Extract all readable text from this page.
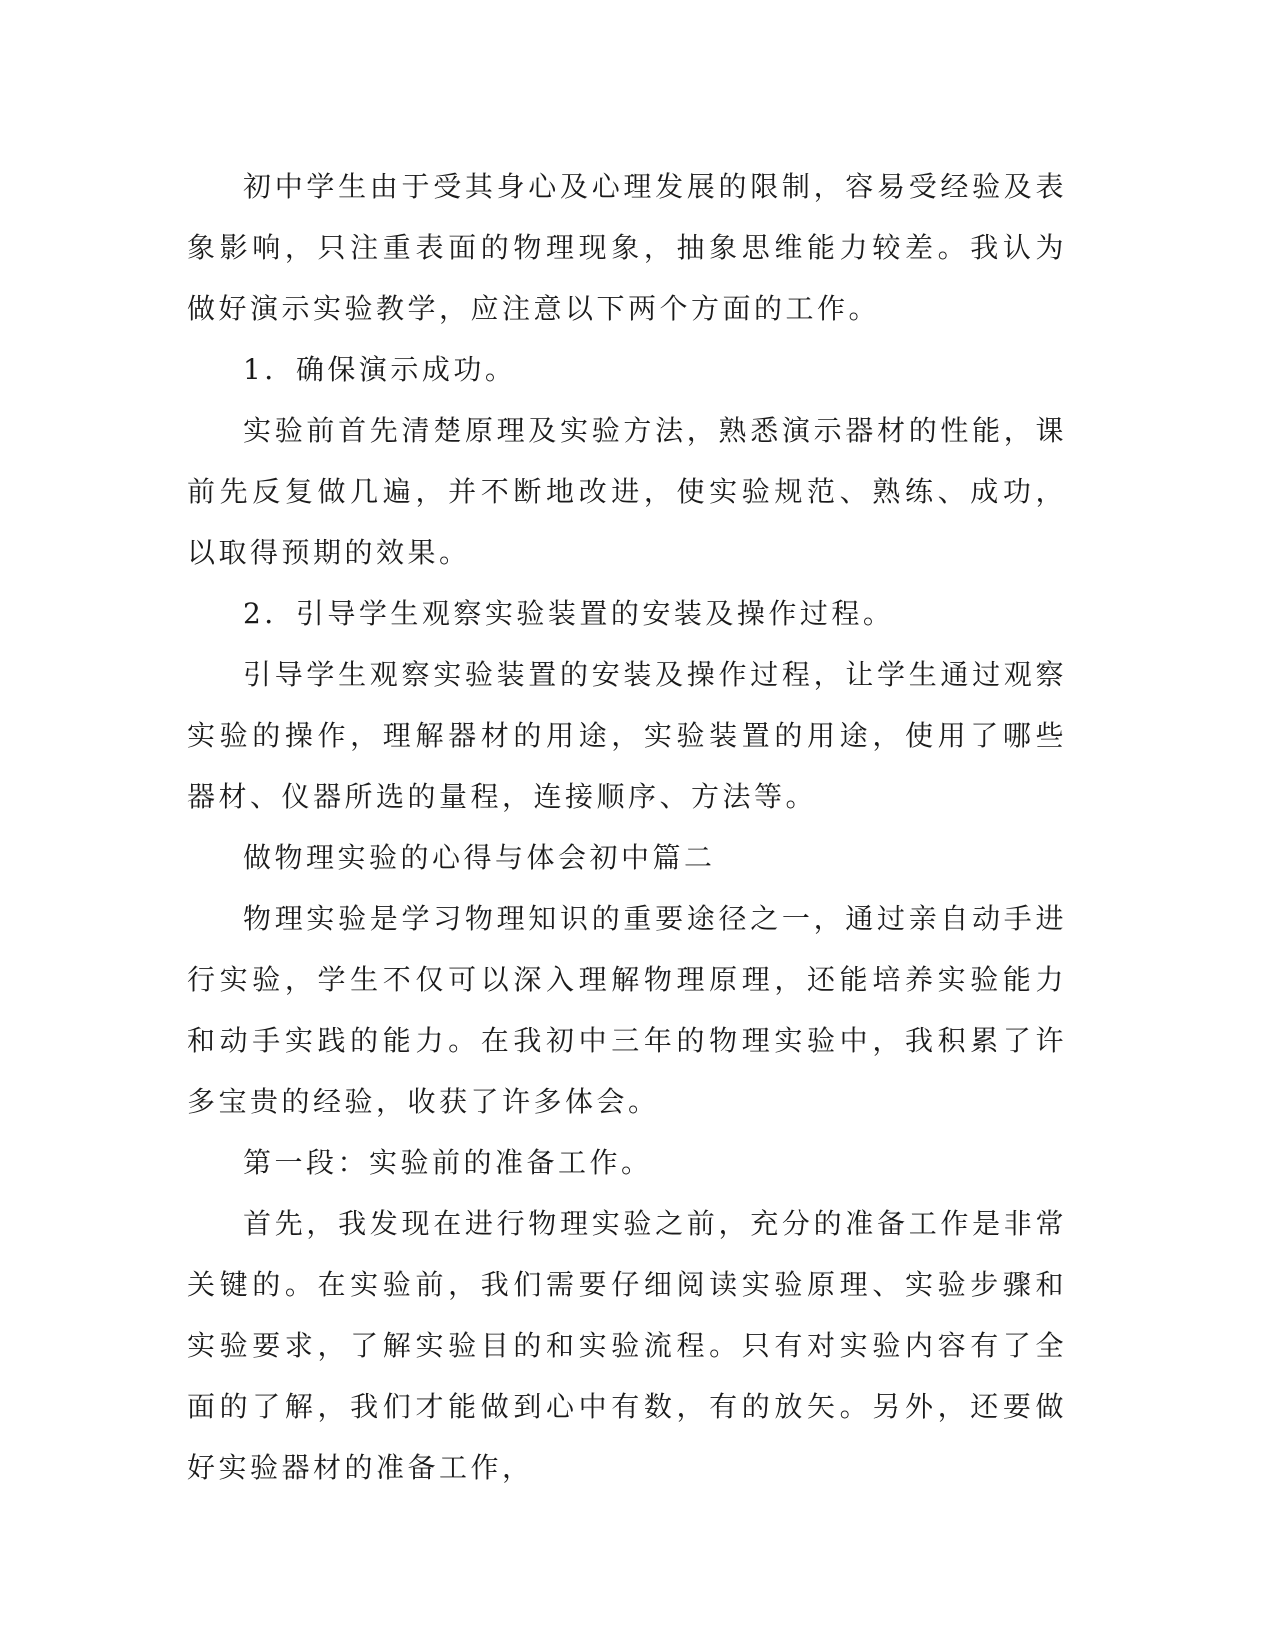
初中学生由于受其身心及心理发展的限制，容易受经验及表象影响，只注重表面的物理现象，抽象思维能力较差。我认为做好演示实验教学，应注意以下两个方面的工作。

1．确保演示成功。

实验前首先清楚原理及实验方法，熟悉演示器材的性能，课前先反复做几遍，并不断地改进，使实验规范、熟练、成功，以取得预期的效果。

2．引导学生观察实验装置的安装及操作过程。

引导学生观察实验装置的安装及操作过程，让学生通过观察实验的操作，理解器材的用途，实验装置的用途，使用了哪些器材、仪器所选的量程，连接顺序、方法等。

做物理实验的心得与体会初中篇二

物理实验是学习物理知识的重要途径之一，通过亲自动手进行实验，学生不仅可以深入理解物理原理，还能培养实验能力和动手实践的能力。在我初中三年的物理实验中，我积累了许多宝贵的经验，收获了许多体会。

第一段：实验前的准备工作。

首先，我发现在进行物理实验之前，充分的准备工作是非常关键的。在实验前，我们需要仔细阅读实验原理、实验步骤和实验要求，了解实验目的和实验流程。只有对实验内容有了全面的了解，我们才能做到心中有数，有的放矢。另外，还要做好实验器材的准备工作，
